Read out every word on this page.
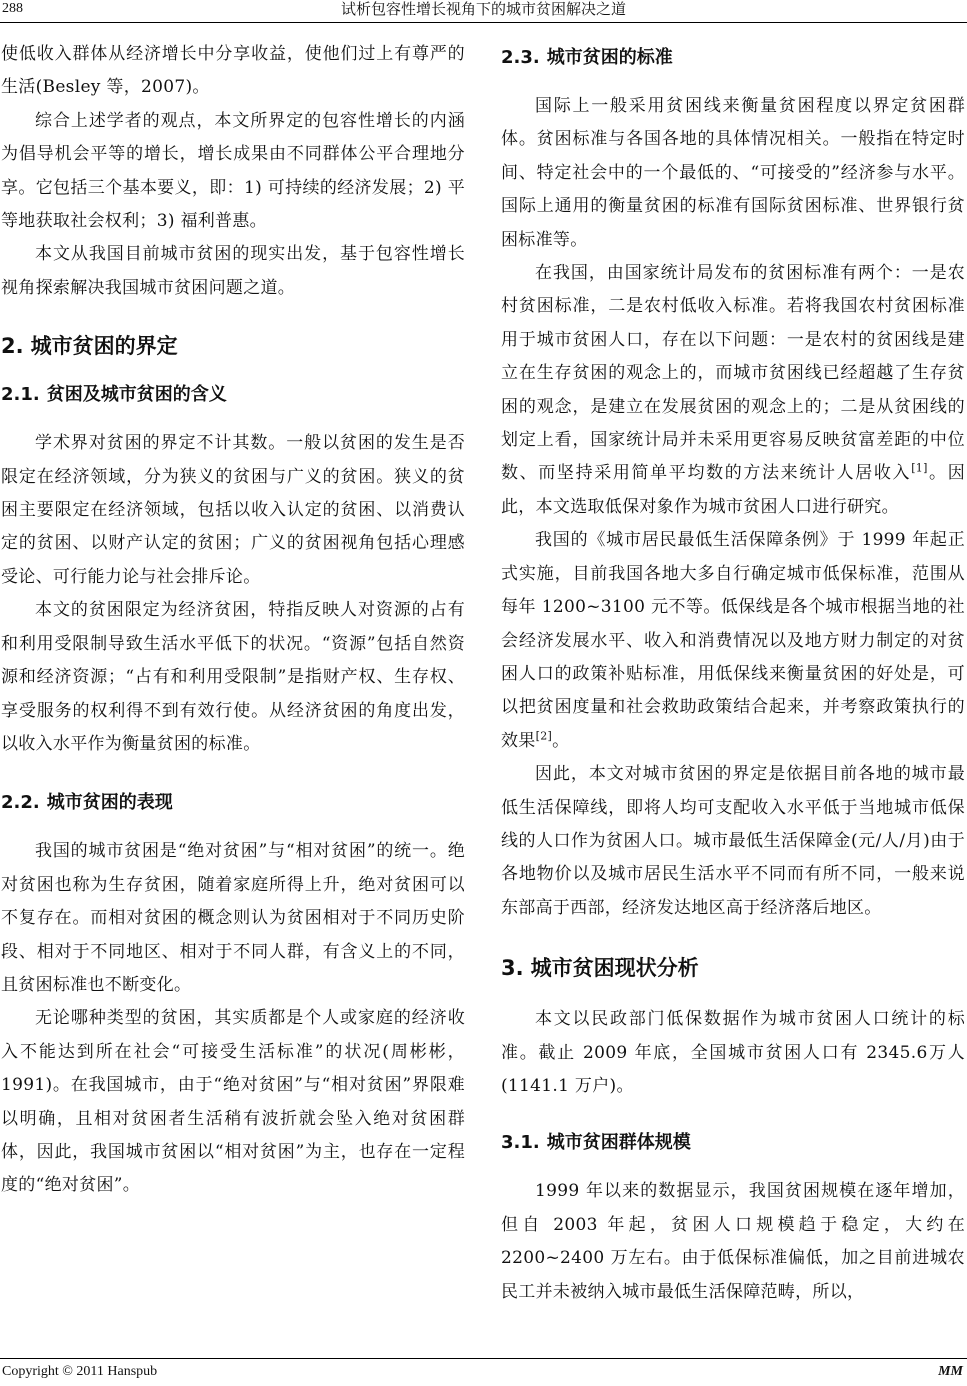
288	试析包容性增长视角下的城市贫困解决之道

使低收入群体从经济增长中分享收益，使他们过上有尊严的生活(Besley 等，2007)。

综合上述学者的观点，本文所界定的包容性增长的内涵为倡导机会平等的增长，增长成果由不同群体公平合理地分享。它包括三个基本要义，即：1) 可持续的经济发展；2) 平等地获取社会权利；3) 福利普惠。

本文从我国目前城市贫困的现实出发，基于包容性增长视角探索解决我国城市贫困问题之道。

2. 城市贫困的界定
2.1. 贫困及城市贫困的含义

学术界对贫困的界定不计其数。一般以贫困的发生是否限定在经济领域，分为狭义的贫困与广义的贫困。狭义的贫困主要限定在经济领域，包括以收入认定的贫困、以消费认定的贫困、以财产认定的贫困；广义的贫困视角包括心理感受论、可行能力论与社会排斥论。

本文的贫困限定为经济贫困，特指反映人对资源的占有和利用受限制导致生活水平低下的状况。“资源”包括自然资源和经济资源；“占有和利用受限制”是指财产权、生存权、享受服务的权利得不到有效行使。从经济贫困的角度出发，以收入水平作为衡量贫困的标准。

2.2. 城市贫困的表现

我国的城市贫困是“绝对贫困”与“相对贫困”的统一。绝对贫困也称为生存贫困，随着家庭所得上升，绝对贫困可以不复存在。而相对贫困的概念则认为贫困相对于不同历史阶段、相对于不同地区、相对于不同人群，有含义上的不同，且贫困标准也不断变化。

无论哪种类型的贫困，其实质都是个人或家庭的经济收入不能达到所在社会“可接受生活标准”的状况(周彬彬，1991)。在我国城市，由于“绝对贫困”与“相对贫困”界限难以明确，且相对贫困者生活稍有波折就会坠入绝对贫困群体，因此，我国城市贫困以“相对贫困”为主，也存在一定程度的“绝对贫困”。

2.3. 城市贫困的标准

国际上一般采用贫困线来衡量贫困程度以界定贫困群体。贫困标准与各国各地的具体情况相关。一般指在特定时间、特定社会中的一个最低的、“可接受的”经济参与水平。国际上通用的衡量贫困的标准有国际贫困标准、世界银行贫困标准等。

在我国，由国家统计局发布的贫困标准有两个：一是农村贫困标准，二是农村低收入标准。若将我国农村贫困标准用于城市贫困人口，存在以下问题：一是农村的贫困线是建立在生存贫困的观念上的，而城市贫困线已经超越了生存贫困的观念，是建立在发展贫困的观念上的；二是从贫困线的划定上看，国家统计局并未采用更容易反映贫富差距的中位数、而坚持采用简单平均数的方法来统计人居收入[1]。因此，本文选取低保对象作为城市贫困人口进行研究。

我国的《城市居民最低生活保障条例》于 1999 年起正式实施，目前我国各地大多自行确定城市低保标准，范围从每年 1200~3100 元不等。低保线是各个城市根据当地的社会经济发展水平、收入和消费情况以及地方财力制定的对贫困人口的政策补贴标准，用低保线来衡量贫困的好处是，可以把贫困度量和社会救助政策结合起来，并考察政策执行的效果[2]。

因此，本文对城市贫困的界定是依据目前各地的城市最低生活保障线，即将人均可支配收入水平低于当地城市低保线的人口作为贫困人口。城市最低生活保障金(元/人/月)由于各地物价以及城市居民生活水平不同而有所不同，一般来说东部高于西部，经济发达地区高于经济落后地区。

3. 城市贫困现状分析

本文以民政部门低保数据作为城市贫困人口统计的标准。截止 2009 年底，全国城市贫困人口有 2345.6万人(1141.1 万户)。

3.1. 城市贫困群体规模

1999 年以来的数据显示，我国贫困规模在逐年增加，但自 2003 年起，贫困人口规模趋于稳定，大约在2200~2400 万左右。由于低保标准偏低，加之目前进城农民工并未被纳入城市最低生活保障范畴，所以，

Copyright © 2011 Hanspub	MM
